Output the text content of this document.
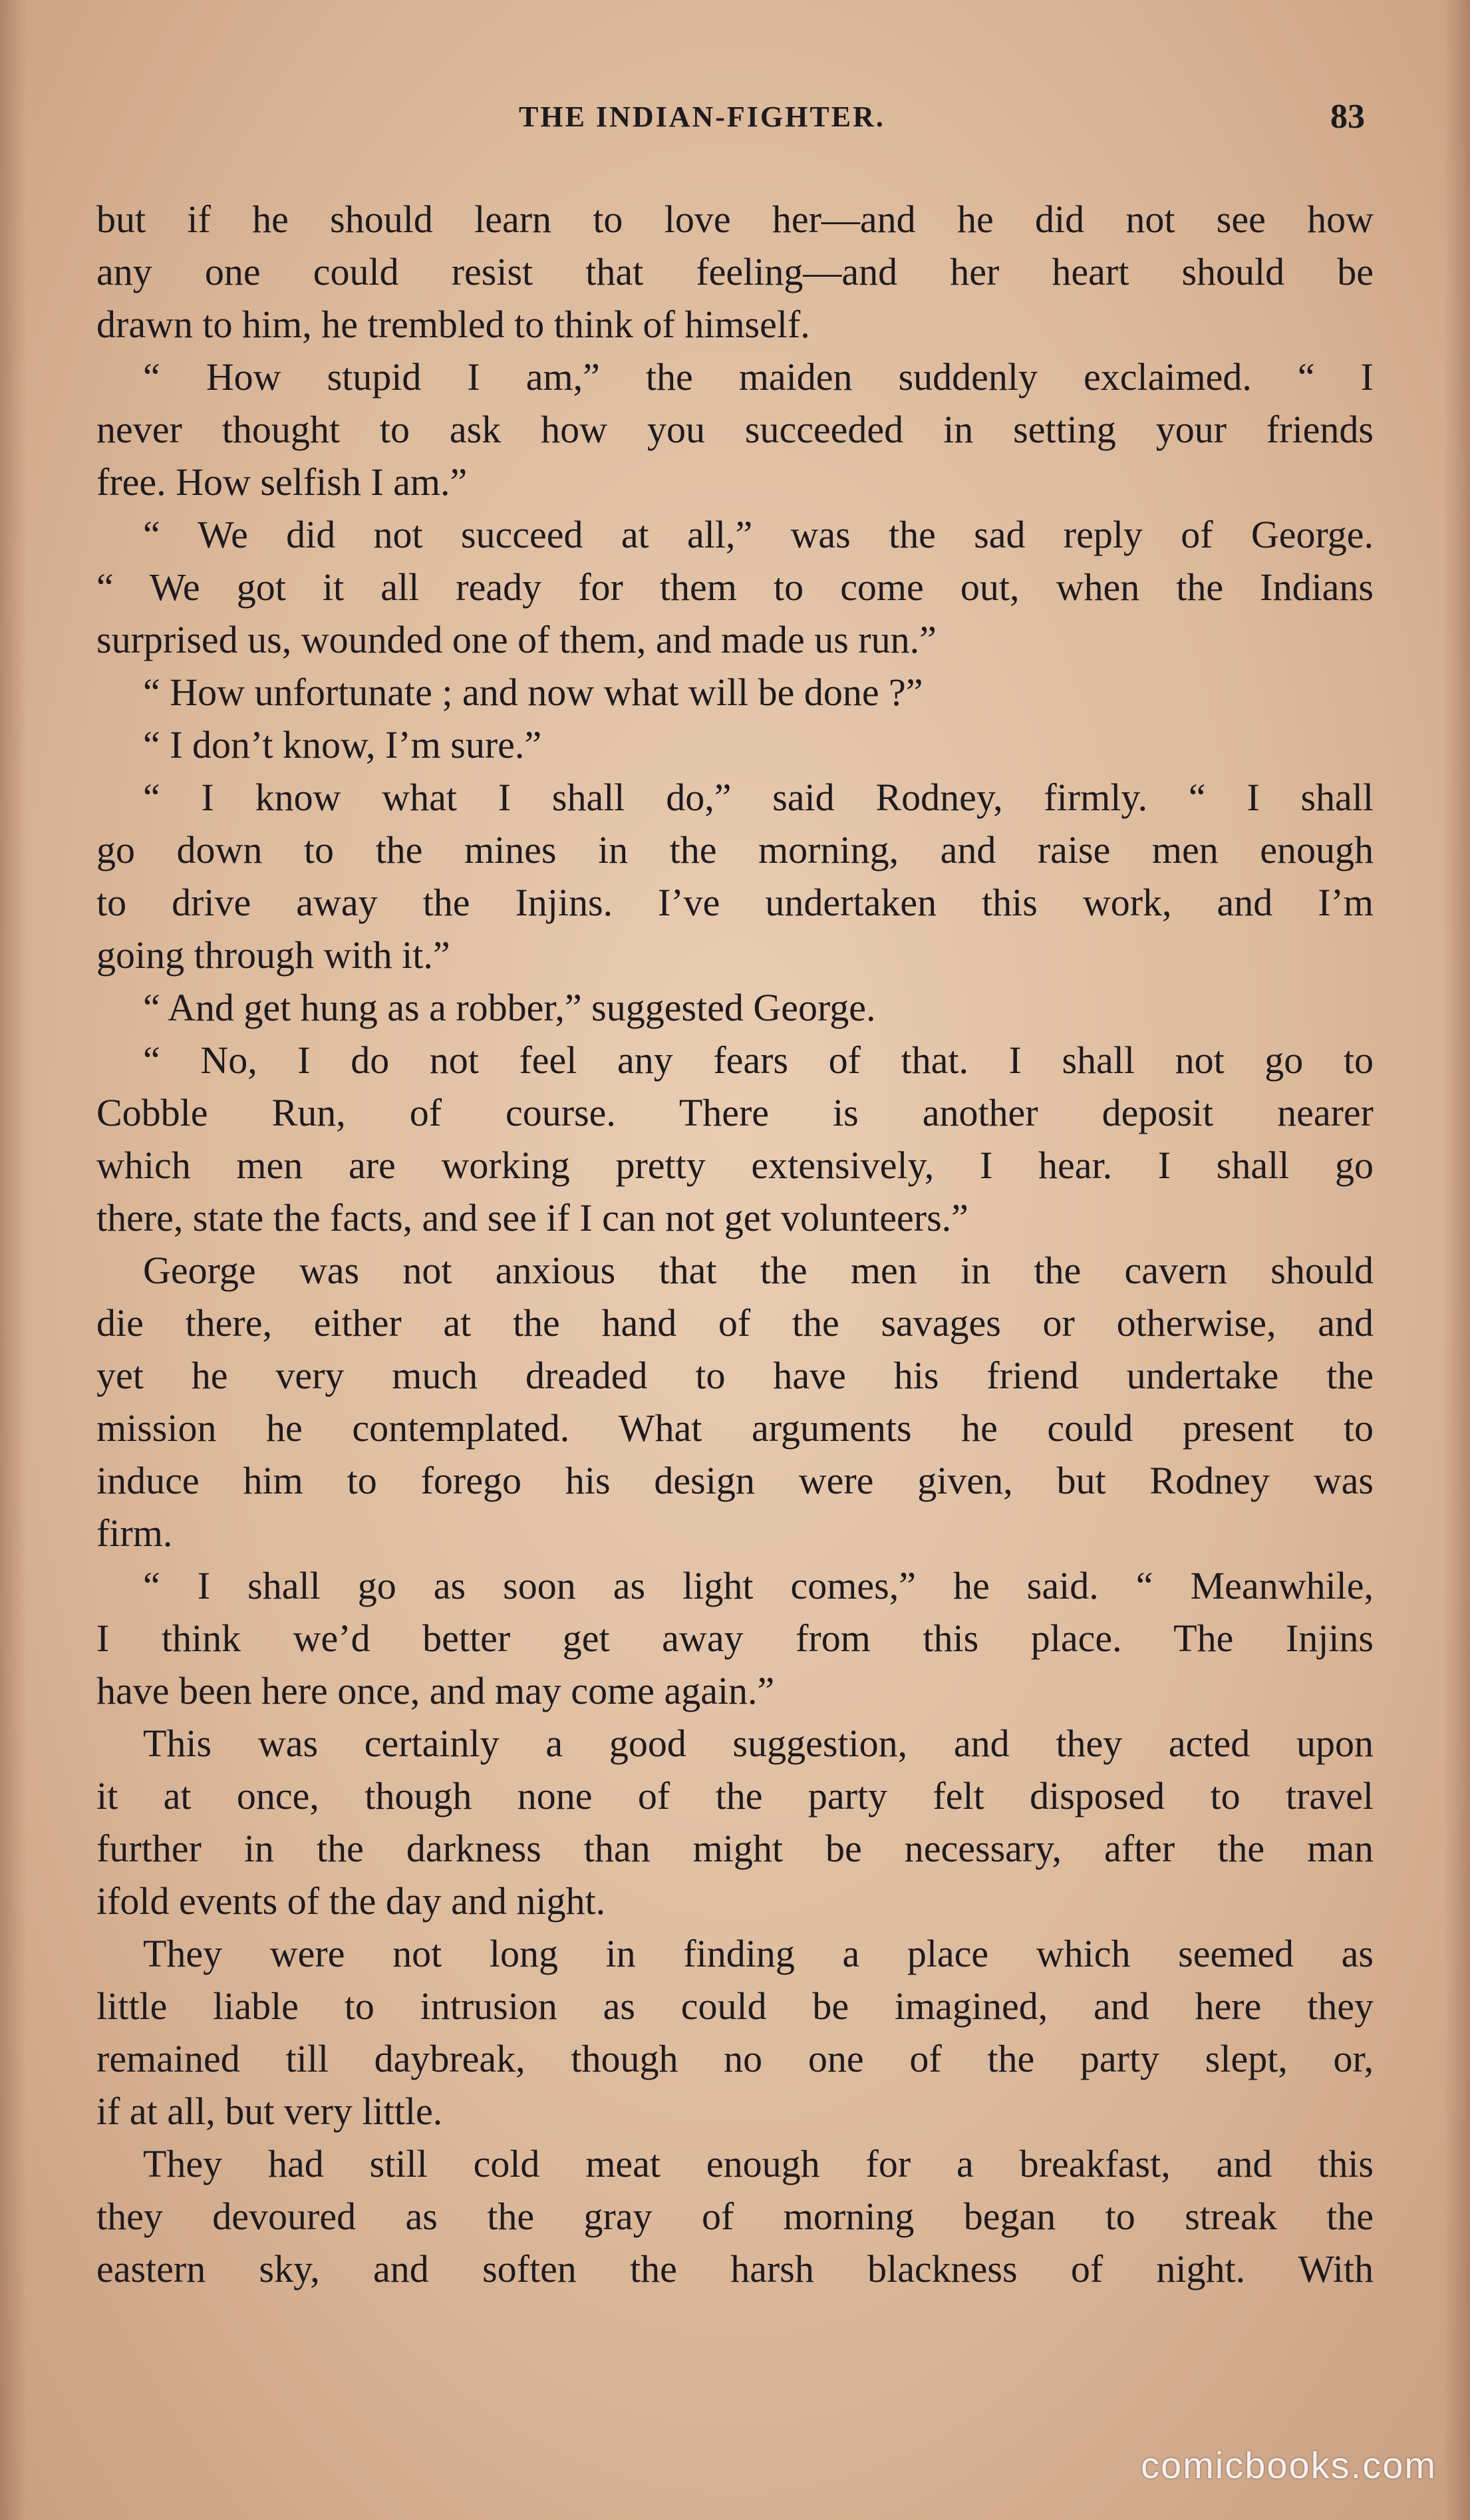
THE INDIAN-FIGHTER.	83
but if he should learn to love her—and he did not see how
any one could resist that feeling—and her heart should be
drawn to him, he trembled to think of himself.
“ How stupid I am,” the maiden suddenly exclaimed. “ I
never thought to ask how you succeeded in setting your friends
free. How selfish I am.”
“ We did not succeed at all,” was the sad reply of George.
“ We got it all ready for them to come out, when the Indians
surprised us, wounded one of them, and made us run.”
“ How unfortunate ; and now what will be done ?”
“ I don’t know, I’m sure.”
“ I know what I shall do,” said Rodney, firmly. “ I shall
go down to the mines in the morning, and raise men enough
to drive away the Injins. I’ve undertaken this work, and I’m
going through with it.”
“ And get hung as a robber,” suggested George.
“ No, I do not feel any fears of that. I shall not go to
Cobble Run, of course. There is another deposit nearer
which men are working pretty extensively, I hear. I shall go
there, state the facts, and see if I can not get volunteers.”
George was not anxious that the men in the cavern should
die there, either at the hand of the savages or otherwise, and
yet he very much dreaded to have his friend undertake the
mission he contemplated. What arguments he could present to
induce him to forego his design were given, but Rodney was
firm.
“ I shall go as soon as light comes,” he said. “ Meanwhile,
I think we’d better get away from this place. The Injins
have been here once, and may come again.”
This was certainly a good suggestion, and they acted upon
it at once, though none of the party felt disposed to travel
further in the darkness than might be necessary, after the man
ifold events of the day and night.
They were not long in finding a place which seemed as
little liable to intrusion as could be imagined, and here they
remained till daybreak, though no one of the party slept, or,
if at all, but very little.
They had still cold meat enough for a breakfast, and this
they devoured as the gray of morning began to streak the
eastern sky, and soften the harsh blackness of night. With
comicbooks.com
